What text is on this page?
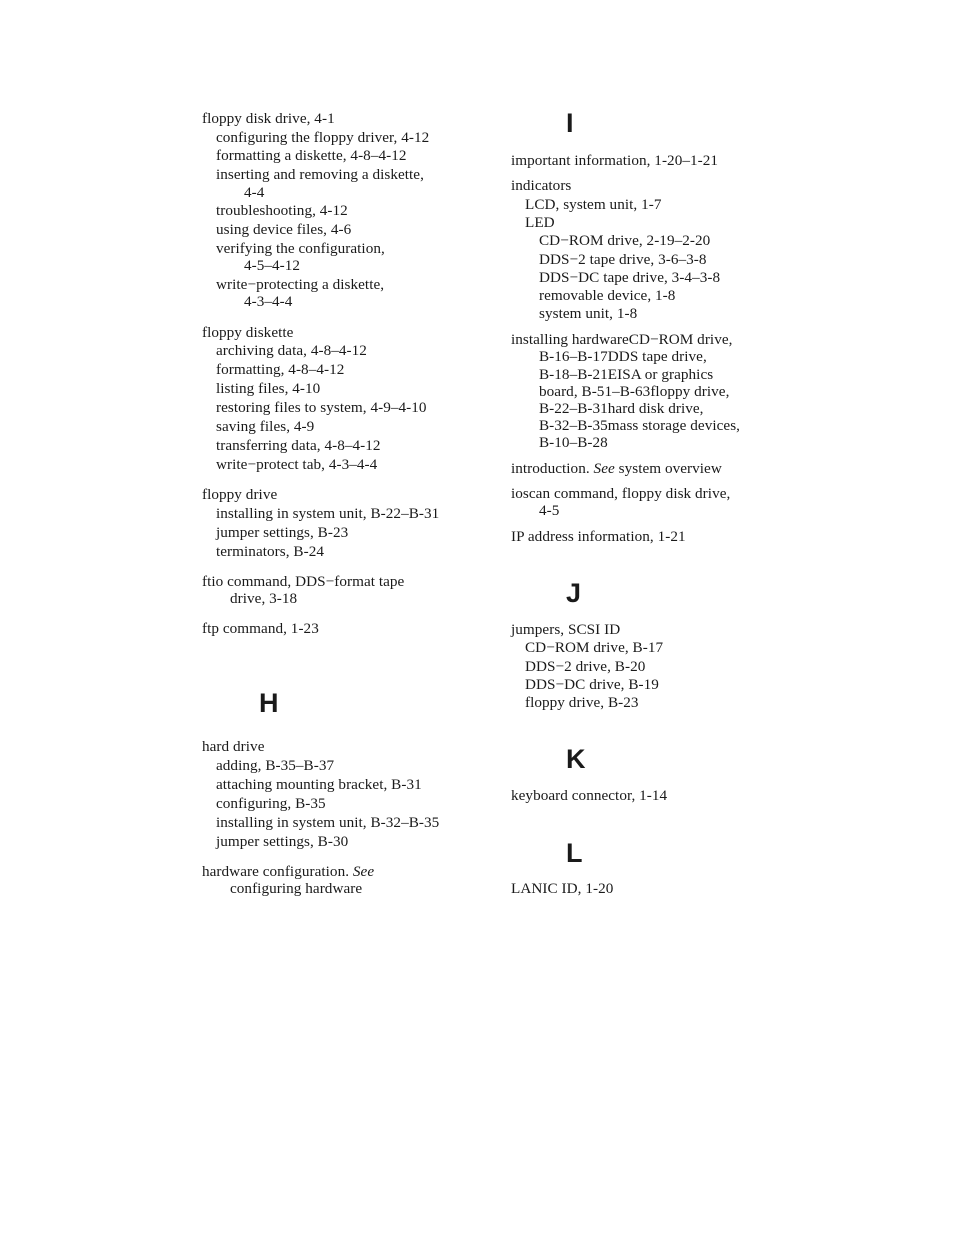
floppy disk drive, 4-1
configuring the floppy driver, 4-12
formatting a diskette, 4-8–4-12
inserting and removing a diskette,
4-4
troubleshooting, 4-12
using device files, 4-6
verifying the configuration,
4-5–4-12
write−protecting a diskette,
4-3–4-4
floppy diskette
archiving data, 4-8–4-12
formatting, 4-8–4-12
listing files, 4-10
restoring files to system, 4-9–4-10
saving files, 4-9
transferring data, 4-8–4-12
write−protect tab, 4-3–4-4
floppy drive
installing in system unit, B-22–B-31
jumper settings, B-23
terminators, B-24
ftio command, DDS−format tape
drive, 3-18
ftp command, 1-23
H
hard drive
adding, B-35–B-37
attaching mounting bracket, B-31
configuring, B-35
installing in system unit, B-32–B-35
jumper settings, B-30
hardware configuration. See
configuring hardware
I
important information, 1-20–1-21
indicators
LCD, system unit, 1-7
LED
CD−ROM drive, 2-19–2-20
DDS−2 tape drive, 3-6–3-8
DDS−DC tape drive, 3-4–3-8
removable device, 1-8
system unit, 1-8
installing hardwareCD−ROM drive,
B-16–B-17DDS tape drive,
B-18–B-21EISA or graphics
board, B-51–B-63floppy drive,
B-22–B-31hard disk drive,
B-32–B-35mass storage devices,
B-10–B-28
introduction. See system overview
ioscan command, floppy disk drive,
4-5
IP address information, 1-21
J
jumpers, SCSI ID
CD−ROM drive, B-17
DDS−2 drive, B-20
DDS−DC drive, B-19
floppy drive, B-23
K
keyboard connector, 1-14
L
LANIC ID, 1-20
